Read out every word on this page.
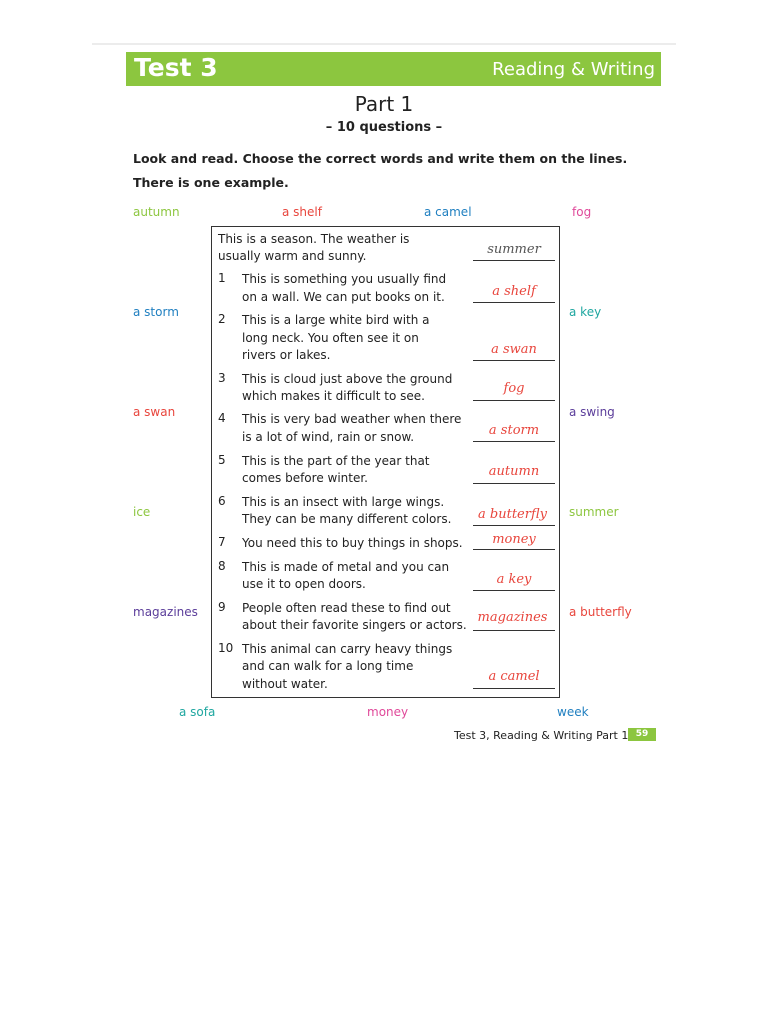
Test 3	Reading & Writing
Part 1
– 10 questions –
Look and read. Choose the correct words and write them on the lines.
There is one example.
autumn	a shelf	a camel	fog
a storm	a key
a swan	a swing
ice	summer
magazines	a butterfly
a sofa	money	week
This is a season. The weather is
usually warm and sunny.	summer
1 This is something you usually find
on a wall. We can put books on it.	a shelf
2 This is a large white bird with a
long neck. You often see it on
rivers or lakes.	a swan
3 This is cloud just above the ground
which makes it difficult to see.	fog
4 This is very bad weather when there
is a lot of wind, rain or snow.	a storm
5 This is the part of the year that
comes before winter.	autumn
6 This is an insect with large wings.
They can be many different colors.	a butterfly
7 You need this to buy things in shops.	money
8 This is made of metal and you can
use it to open doors.	a key
9 People often read these to find out
about their favorite singers or actors. magazines
10 This animal can carry heavy things
and can walk for a long time
without water.	a camel
Test 3, Reading & Writing Part 1 59
